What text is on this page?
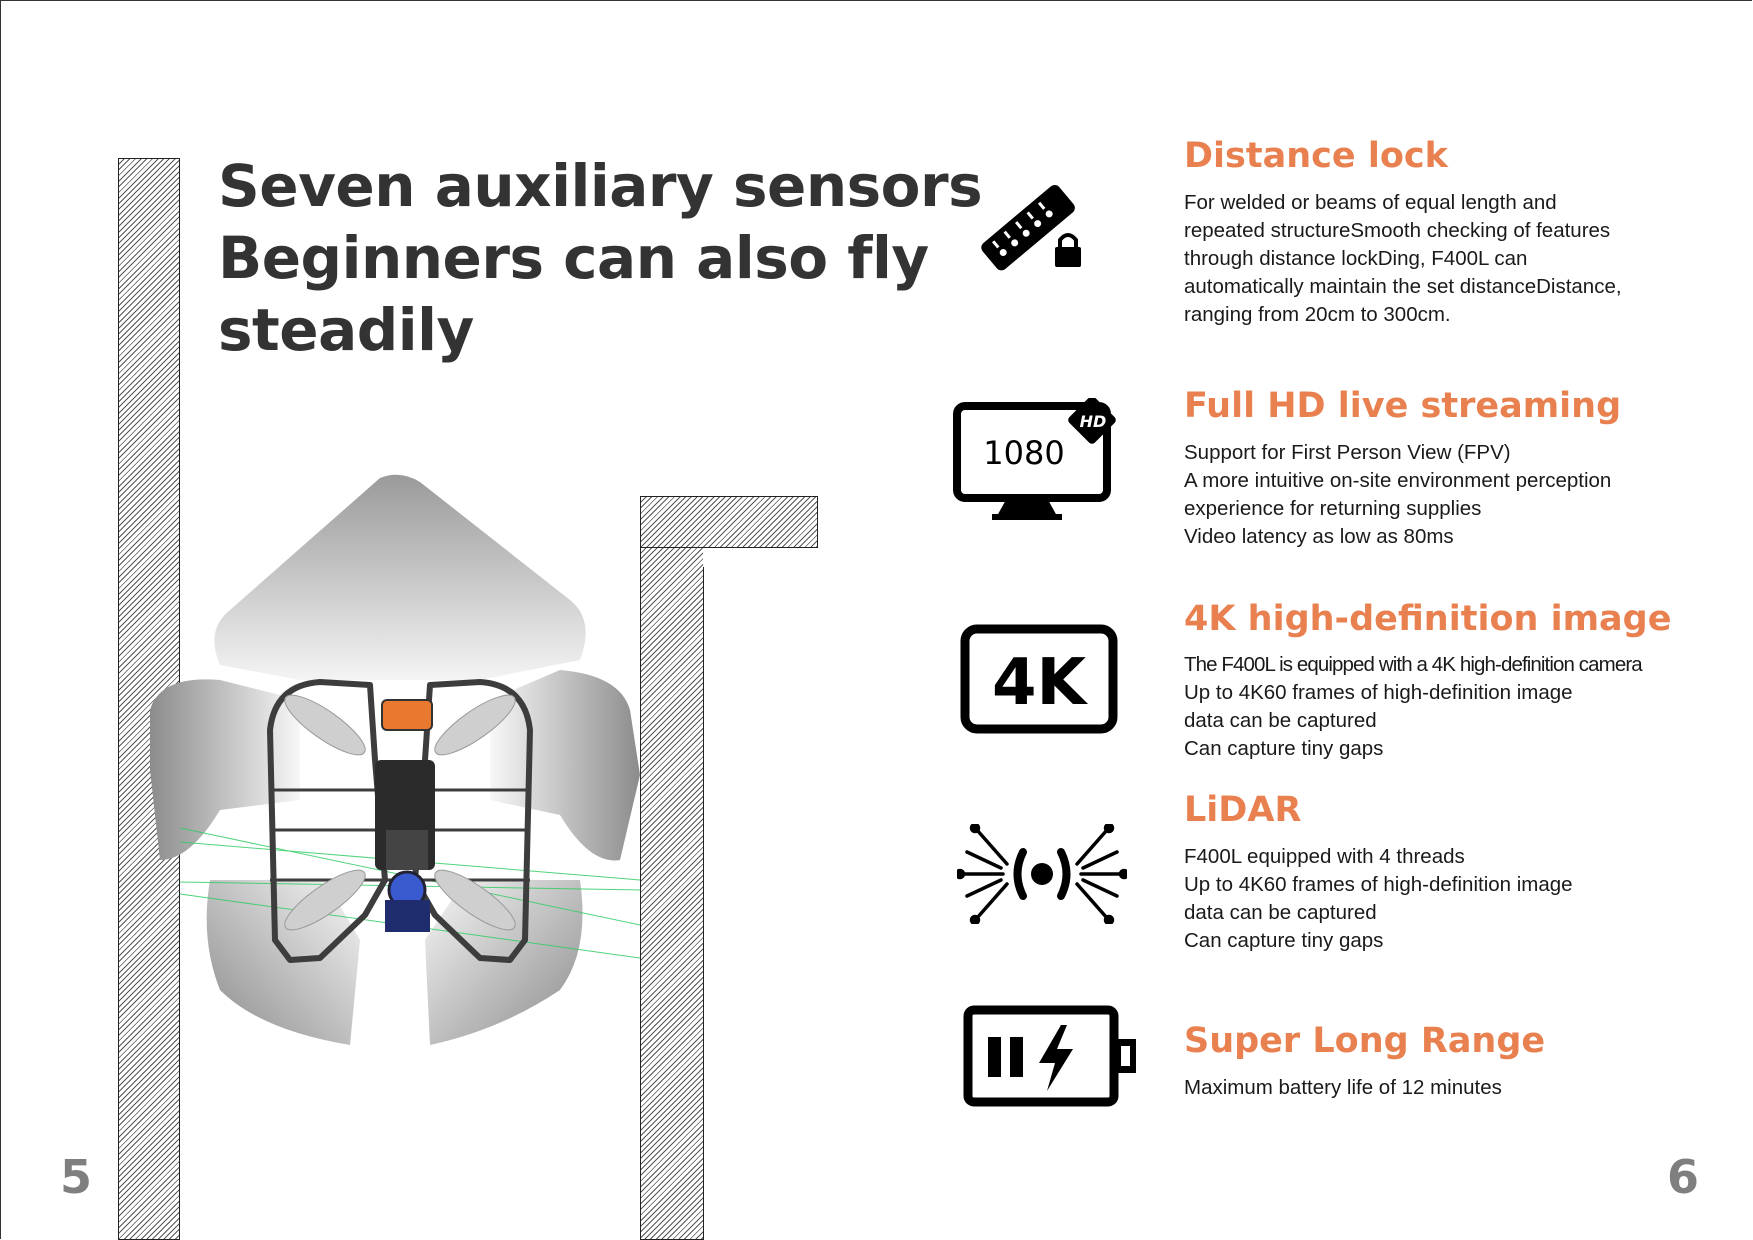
Seven auxiliary sensors
Beginners can also fly
steadily
5	6
Distance lock
For welded or beams of equal length and
repeated structureSmooth checking of features
through distance lockDing, F400L can
automatically maintain the set distanceDistance,
ranging from 20cm to 300cm.
1080
HD Full HD live streaming
Support for First Person View (FPV)
A more intuitive on-site environment perception
experience for returning supplies
Video latency as low as 80ms
4K
4K high-definition image
The F400L is equipped with a 4K high-definition camera
Up to 4K60 frames of high-definition image
data can be captured
Can capture tiny gaps
LiDAR
F400L equipped with 4 threads
Up to 4K60 frames of high-definition image
data can be captured
Can capture tiny gaps
Super Long Range
Maximum battery life of 12 minutes
